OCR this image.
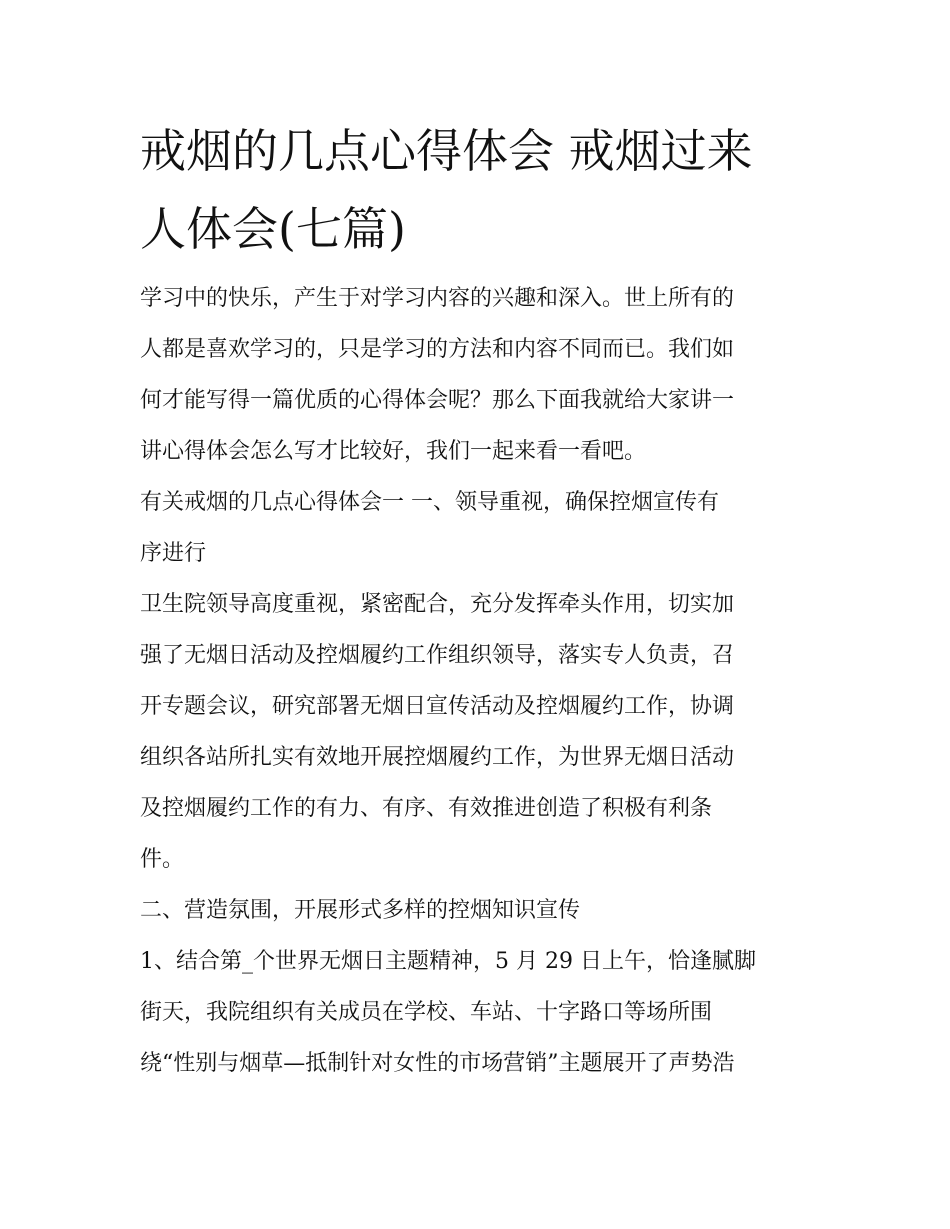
戒烟的几点心得体会 戒烟过来
人体会(七篇)
学习中的快乐，产生于对学习内容的兴趣和深入。世上所有的
人都是喜欢学习的，只是学习的方法和内容不同而已。我们如
何才能写得一篇优质的心得体会呢？那么下面我就给大家讲一
讲心得体会怎么写才比较好，我们一起来看一看吧。
有关戒烟的几点心得体会一 一、领导重视，确保控烟宣传有
序进行
卫生院领导高度重视，紧密配合，充分发挥牵头作用，切实加
强了无烟日活动及控烟履约工作组织领导，落实专人负责，召
开专题会议，研究部署无烟日宣传活动及控烟履约工作，协调
组织各站所扎实有效地开展控烟履约工作，为世界无烟日活动
及控烟履约工作的有力、有序、有效推进创造了积极有利条
件。
二、营造氛围，开展形式多样的控烟知识宣传
1、结合第_个世界无烟日主题精神，5 月 29 日上午，恰逢腻脚
街天，我院组织有关成员在学校、车站、十字路口等场所围
绕“性别与烟草—抵制针对女性的市场营销”主题展开了声势浩
